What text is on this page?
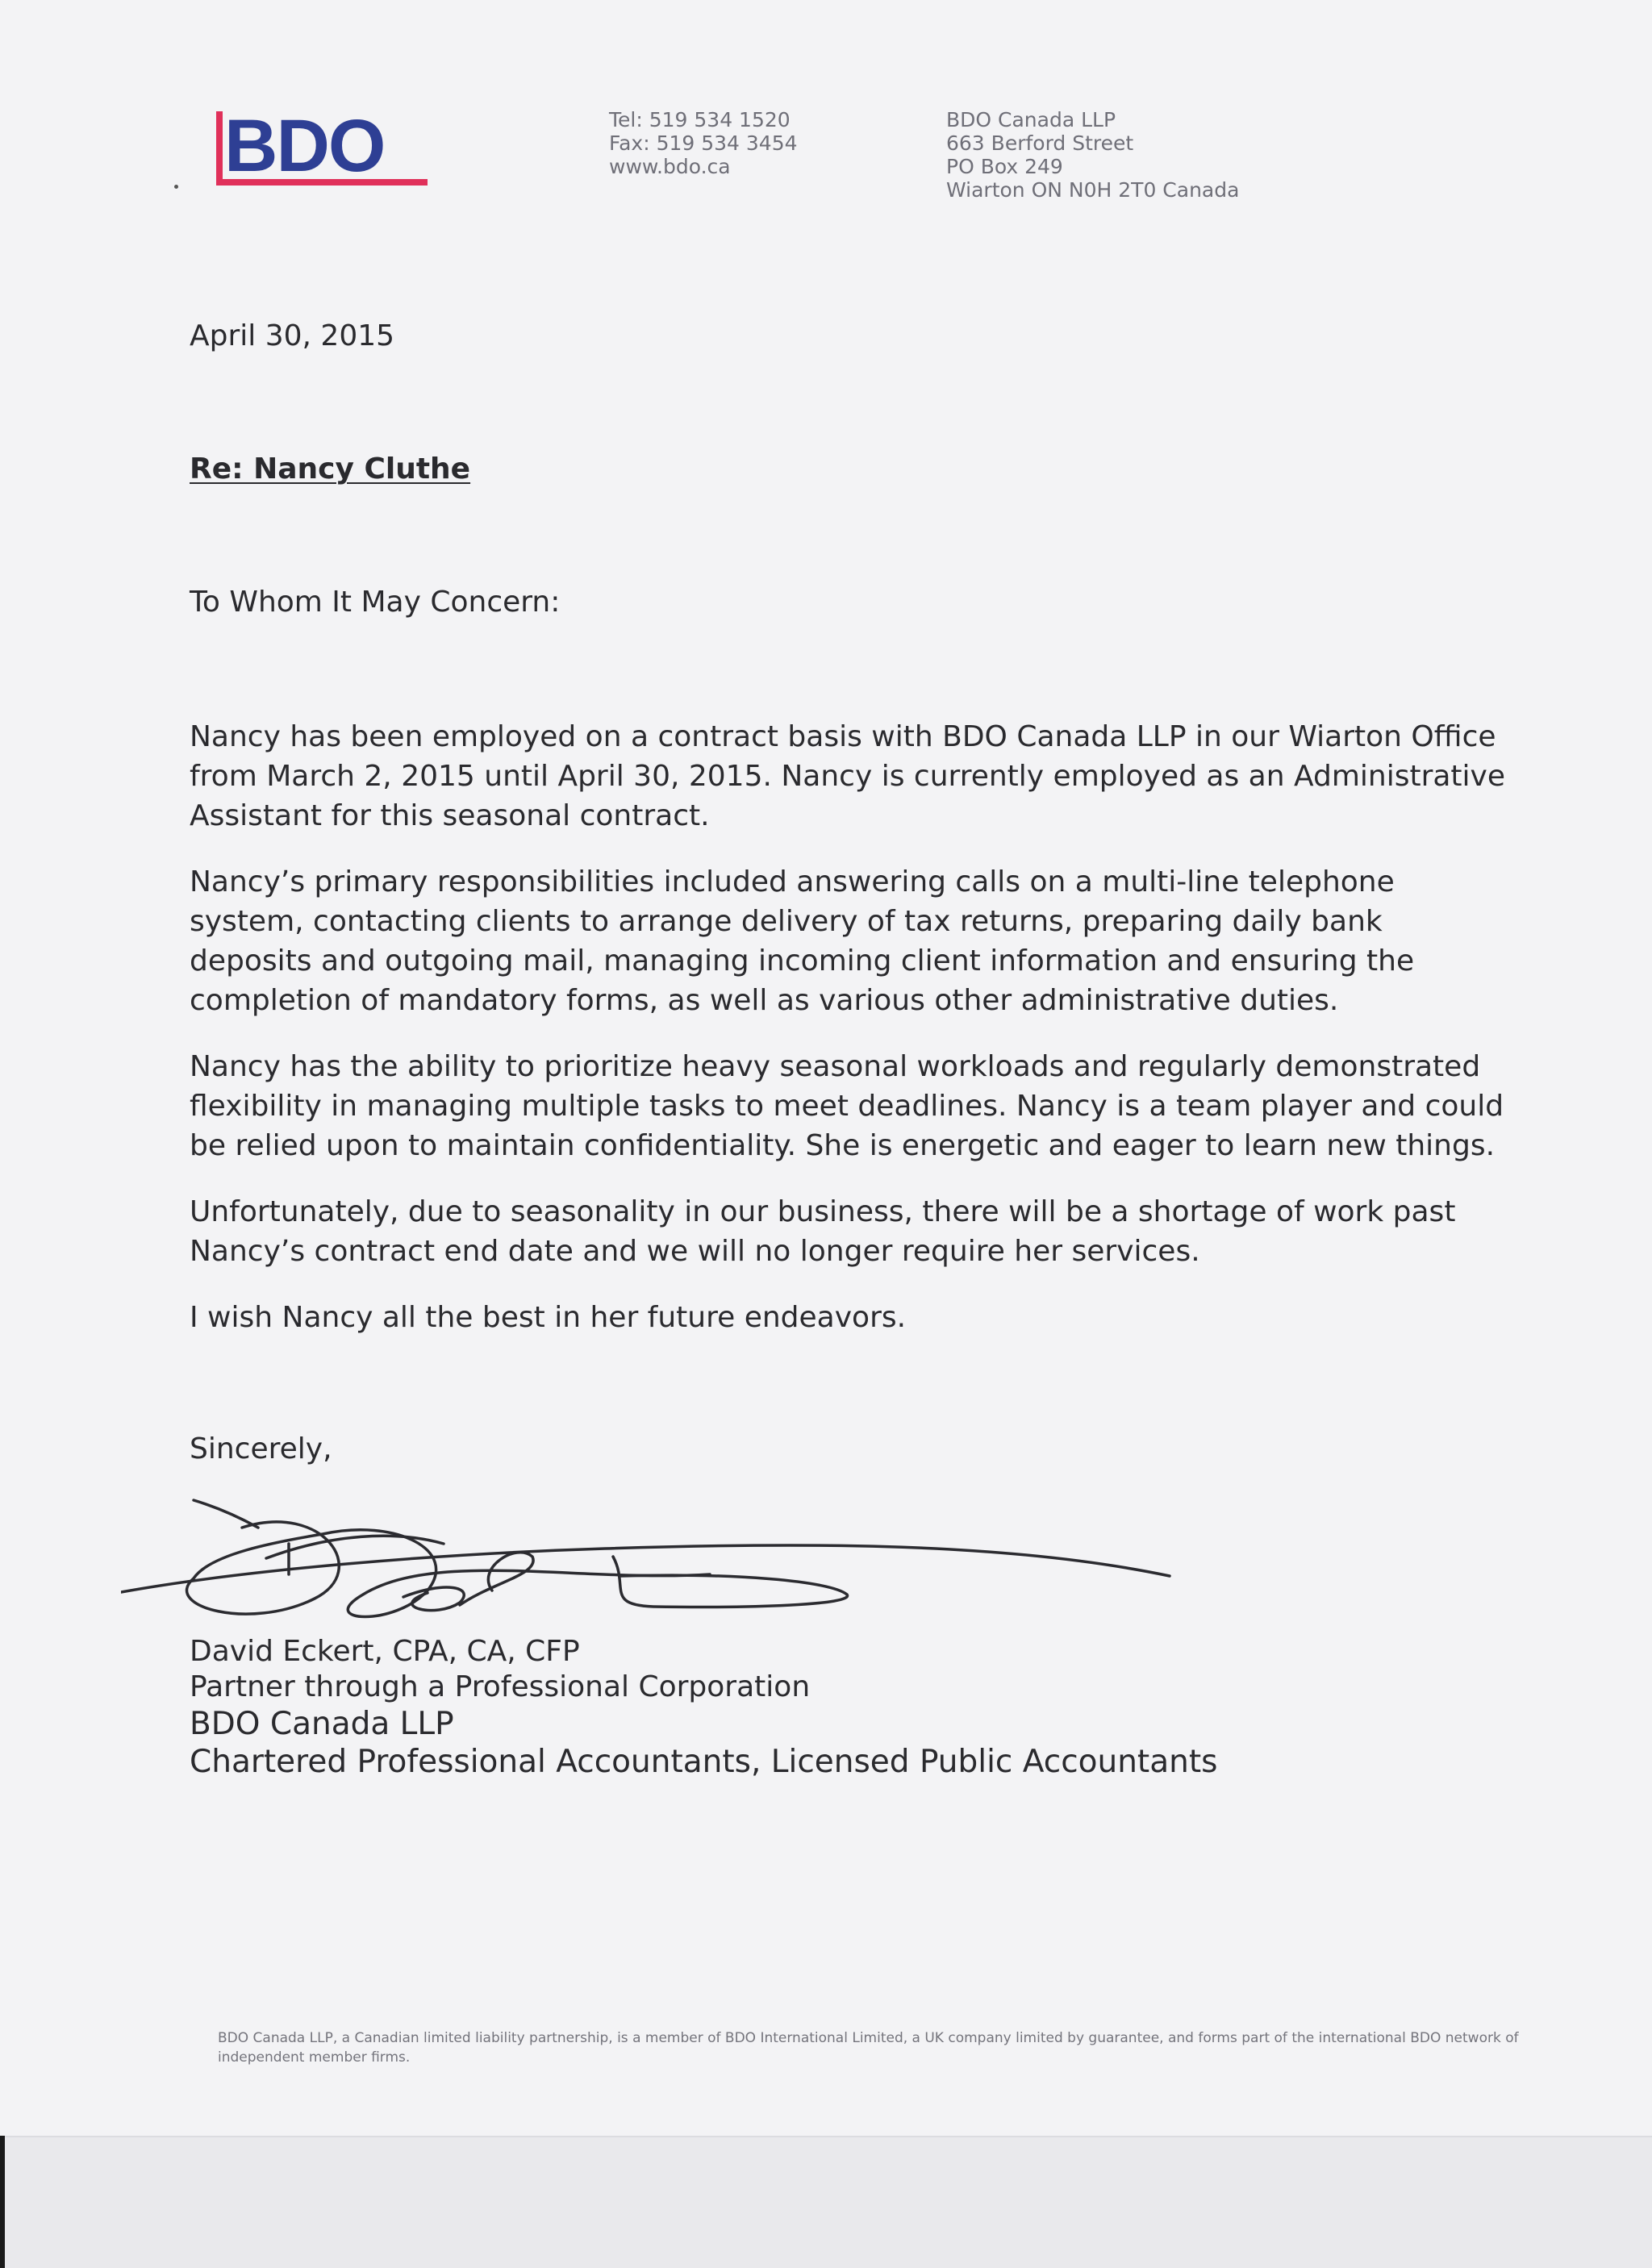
BDO	Tel: 519 534 1520
Fax: 519 534 3454
www.bdo.ca
BDO Canada LLP
663 Berford Street
PO Box 249
Wiarton ON N0H 2T0 Canada
April 30, 2015
Re: Nancy Cluthe
To Whom It May Concern:

Nancy has been employed on a contract basis with BDO Canada LLP in our Wiarton Office from March 2, 2015 until April 30, 2015. Nancy is currently employed as an Administrative Assistant for this seasonal contract.

Nancy’s primary responsibilities included answering calls on a multi-line telephone system, contacting clients to arrange delivery of tax returns, preparing daily bank deposits and outgoing mail, managing incoming client information and ensuring the completion of mandatory forms, as well as various other administrative duties.

Nancy has the ability to prioritize heavy seasonal workloads and regularly demonstrated flexibility in managing multiple tasks to meet deadlines. Nancy is a team player and could be relied upon to maintain confidentiality. She is energetic and eager to learn new things.

Unfortunately, due to seasonality in our business, there will be a shortage of work past Nancy’s contract end date and we will no longer require her services.

I wish Nancy all the best in her future endeavors.

Sincerely,
David Eckert, CPA, CA, CFP
Partner through a Professional Corporation
BDO Canada LLP
Chartered Professional Accountants, Licensed Public Accountants
BDO Canada LLP, a Canadian limited liability partnership, is a member of BDO International Limited, a UK company limited by guarantee, and forms part of the international BDO network of independent member firms.
